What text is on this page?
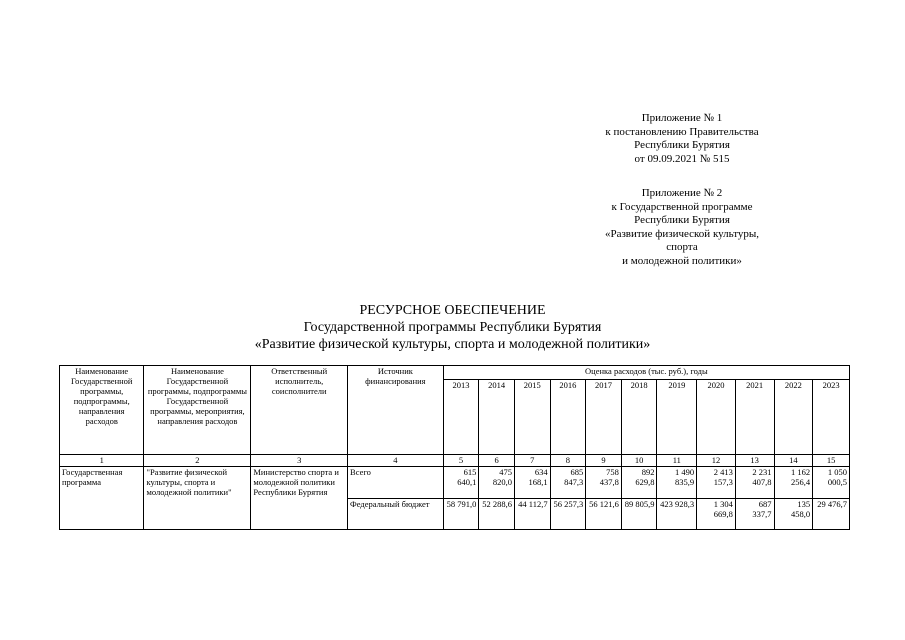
Приложение № 1
к постановлению Правительства
Республики Бурятия
от 09.09.2021 № 515
Приложение № 2
к Государственной программе
Республики Бурятия
«Развитие физической культуры,
спорта
и молодежной политики»
РЕСУРСНОЕ ОБЕСПЕЧЕНИЕ
Государственной программы Республики Бурятия
«Развитие физической культуры, спорта и молодежной политики»
Наименование Государственной программы, подпрограммы, направления расходов	Наименование Государственной программы, подпрограммы Государственной программы, мероприятия, направления расходов	Ответственный исполнитель, соисполнители	Источник финансирования	Оценка расходов (тыс. руб.), годы										
				2013	2014	2015	2016	2017	2018	2019	2020	2021	2022	2023
1	2	3	4	5	6	7	8	9	10	11	12	13	14	15
Государственная программа	"Развитие физической культуры, спорта и молодежной политики"	Министерство спорта и молодежной политики Республики Бурятия	Всего	615 640,1	475 820,0	634 168,1	685 847,3	758 437,8	892 629,8	1 490 835,9	2 413 157,3	2 231 407,8	1 162 256,4	1 050 000,5
			Федеральный бюджет	58 791,0	52 288,6	44 112,7	56 257,3	56 121,6	89 805,9	423 928,3	1 304 669,8	687 337,7	135 458,0	29 476,7
